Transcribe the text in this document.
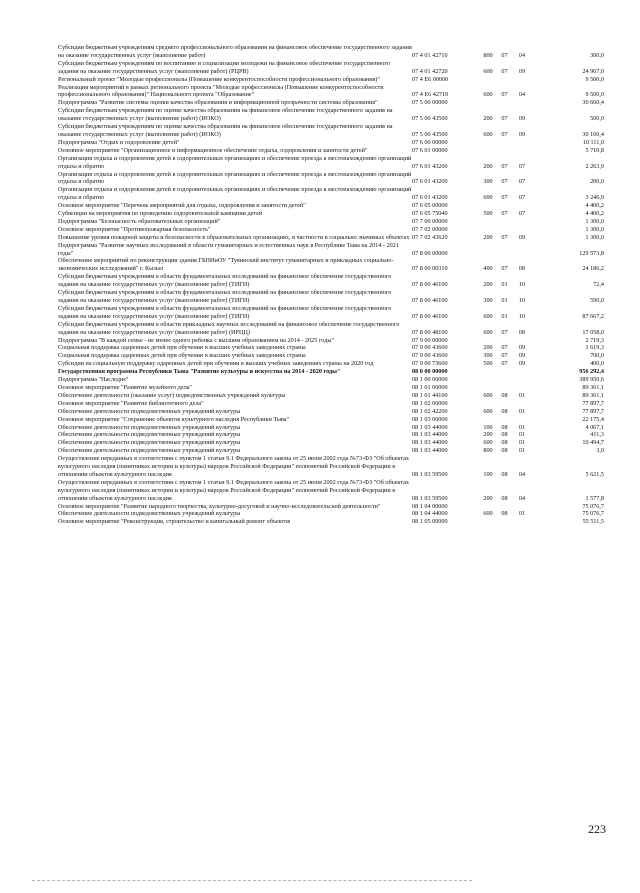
Субсидии бюджетным учреждениям среднего профессионального образования на финансовое обеспечение государственного задания на оказание государственных услуг (выполнение работ)	07 4 01 42710	800	07	04	300,0
Субсидии бюджетным учреждениям по воспитанию и социализации молодежи на финансовое обеспечение государственного задания на оказание государственных услуг (выполнение работ) (РЦРВ)	07 4 01 42720	600	07	09	24 967,0
Региональный проект "Молодые профессионалы (Повышение конкурентоспособности профессионального образования)"	07 4 Е6 00000	9 500,0
Реализация мероприятий в рамках регионального проекта "Молодые профессионалы (Повышение конкурентоспособности профессионального образования)" Национального проекта "Образование"	07 4 Е6 42710	600	07	04	9 500,0
Подпрограмма "Развитие системы оценки качества образования и информационной прозрачности системы образования"	07 5 00 00000	30 660,4
Субсидии бюджетным учреждениям по оценке качества образования на финансовое обеспечение государственного задания на оказание государственных услуг (выполнение работ) (ИОКО)	07 5 00 43500	200	07	09	500,0
Субсидии бюджетным учреждениям по оценке качества образования на финансовое обеспечение государственного задания на оказание государственных услуг (выполнение работ) (ИОКО)	07 5 00 43500	600	07	09	30 160,4
Подпрограмма "Отдых и оздоровление детей"	07 6 00 00000	10 111,0
Основное мероприятие "Организационное и информационное обеспечение отдыха, оздоровления и занятости детей"	07 6 01 00000	5 710,8
Организация отдыха и оздоровления детей в оздоровительных организациях и обеспечение проезда к местонахождению организаций отдыха и обратно	07 6 01 43200	200	07	07	2 263,9
Организация отдыха и оздоровления детей в оздоровительных организациях и обеспечение проезда к местонахождению организаций отдыха и обратно	07 6 01 43200	300	07	07	200,0
Организация отдыха и оздоровления детей в оздоровительных организациях и обеспечение проезда к местонахождению организаций отдыха и обратно	07 6 01 43200	600	07	07	3 246,9
Основное мероприятие "Перечень мероприятий для отдыха, оздоровления и занятости детей"	07 6 05 00000	4 400,2
Субвенции на мероприятия по проведению оздоровительной кампании детей	07 6 05 75040	500	07	07	4 400,2
Подпрограмма "Безопасность образовательных организаций"	07 7 00 00000	1 300,0
Основное мероприятие "Противопожарная безопасность"	07 7 02 00000	1 300,0
Повышение уровня пожарной защиты и безопасности в образовательных организациях, в частности в социально значимых объектах 07 7 02 43620	200	07	09	1 300,0
Подпрограмма "Развитие научных исследований в области гуманитарных и естественных наук в Республике Тыва на 2014 - 2021 годы"	07 8 00 00000	129 573,8
Обеспечение мероприятий по реконструкции здания ГБНИиОУ "Тувинский институт гуманитарных и прикладных социально-экономических исследований" г. Кызыл	07 8 00 00310	400	07	08	24 186,2
Субсидии бюджетным учреждениям в области фундаментальных исследований на финансовое обеспечение государственного задания на оказание государственных услуг (выполнение работ) (ТИГИ)	07 8 00 46100	200	01	10	72,4
Субсидии бюджетным учреждениям в области фундаментальных исследований на финансовое обеспечение государственного задания на оказание государственных услуг (выполнение работ) (ТИГИ)	07 8 00 46100	300	01	10	590,0
Субсидии бюджетным учреждениям в области фундаментальных исследований на финансовое обеспечение государственного задания на оказание государственных услуг (выполнение работ) (ТИГИ)	07 8 00 46100	600	01	10	87 667,2
Субсидии бюджетным учреждениям в области прикладных научных исследований на финансовое обеспечение государственного задания на оказание государственных услуг (выполнение работ) (ИРЦЦ)	07 8 00 48100	600	07	08	17 058,0
Подпрограмма "В каждой семье - не менее одного ребенка с высшим образованием на 2014 - 2025 годы"	07 9 00 00000	2 719,3
Социальная поддержка одаренных детей при обучении в высших учебных заведениях страны	07 9 00 43600	200	07	09	1 619,3
Социальная поддержка одаренных детей при обучении в высших учебных заведениях страны	07 9 00 43600	300	07	09	700,0
Субсидии на социальную поддержку одаренных детей при обучении в высших учебных заведениях страны на 2020 год	07 9 00 73600	500	07	09	400,0
Государственная программа Республики Тыва "Развитие культуры и искусства на 2014 - 2020 годы"	08 0 00 00000	956 292,4
Подпрограмма "Наследие"	08 1 00 00000	389 950,6
Основное мероприятие "Развитие музейного дела"	08 1 01 00000	89 361,1
Обеспечение деятельности (оказание услуг) подведомственных учреждений культуры	08 1 01 44100	600	08	01	89 361,1
Основное мероприятие "Развитие библиотечного дела"	08 1 02 00000	77 897,7
Обеспечение деятельности подведомственных учреждений культуры	08 1 02 42200	600	08	01	77 897,7
Основное мероприятие "Сохранение объектов культурного наследия Республики Тыва"	08 1 03 00000	22 175,4
Обеспечение деятельности подведомственных учреждений культуры	08 1 03 44000	100	08	01	4 067,1
Обеспечение деятельности подведомственных учреждений культуры	08 1 03 44000	200	08	01	411,3
Обеспечение деятельности подведомственных учреждений культуры	08 1 03 44000	600	08	01	10 494,7
Обеспечение деятельности подведомственных учреждений культуры	08 1 03 44000	800	08	01	3,0
Осуществление переданных в соответствии с пунктом 1 статьи 9.1 Федерального закона от 25 июня 2002 года №73-ФЗ "Об объектах культурного наследия (памятниках истории и культуры) народов Российской Федерации" полномочий Российской Федерации в отношении объектов культурного наследия	08 1 03 59500	100	08	04	5 621,5
Осуществление переданных в соответствии с пунктом 1 статьи 9.1 Федерального закона от 25 июня 2002 года №73-ФЗ "Об объектах культурного наследия (памятниках истории и культуры) народов Российской Федерации" полномочий Российской Федерации в отношении объектов культурного наследия	08 1 03 59500	200	08	04	1 577,8
Основное мероприятие "Развитие народного творчества, культурно-досуговой и научно-исследовательской деятельности"	08 1 04 00000	75 076,7
Обеспечение деятельности подведомственных учреждений культуры	08 1 04 44000	600	08	01	75 076,7
Основное мероприятие "Реконструкция, строительство и капитальный ремонт объектов	08 1 05 00000	55 511,5
223
